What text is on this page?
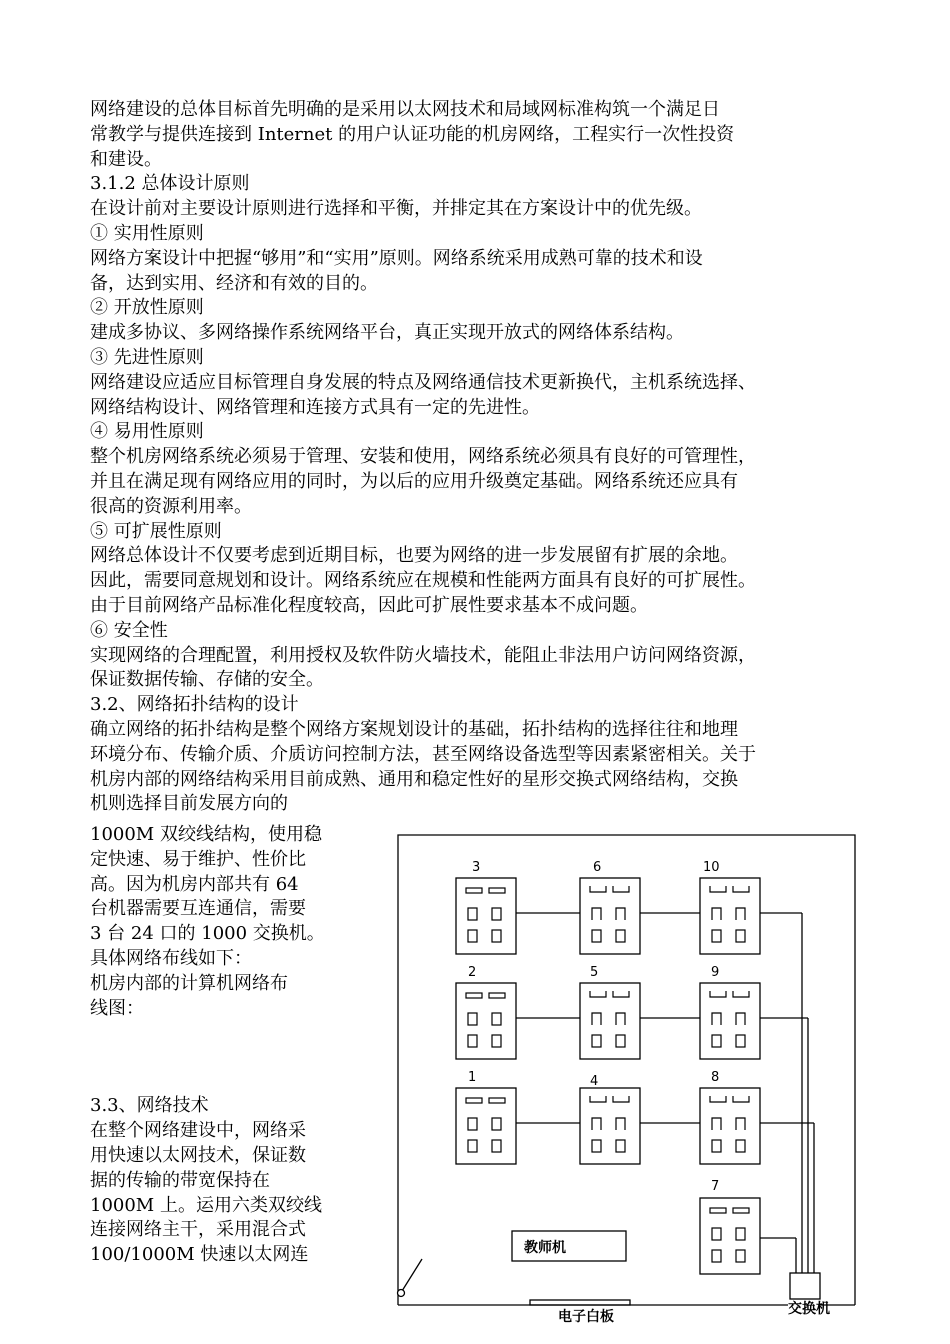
网络建设的总体目标首先明确的是采用以太网技术和局域网标准构筑一个满足日

常教学与提供连接到 Internet 的用户认证功能的机房网络，工程实行一次性投资

和建设。

3.1.2 总体设计原则

在设计前对主要设计原则进行选择和平衡，并排定其在方案设计中的优先级。

① 实用性原则

网络方案设计中把握“够用”和“实用”原则。网络系统采用成熟可靠的技术和设

备，达到实用、经济和有效的目的。

② 开放性原则

建成多协议、多网络操作系统网络平台，真正实现开放式的网络体系结构。

③ 先进性原则

网络建设应适应目标管理自身发展的特点及网络通信技术更新换代，主机系统选择、

网络结构设计、网络管理和连接方式具有一定的先进性。

④ 易用性原则

整个机房网络系统必须易于管理、安装和使用，网络系统必须具有良好的可管理性，

并且在满足现有网络应用的同时，为以后的应用升级奠定基础。网络系统还应具有

很高的资源利用率。

⑤ 可扩展性原则

网络总体设计不仅要考虑到近期目标，也要为网络的进一步发展留有扩展的余地。

因此，需要同意规划和设计。网络系统应在规模和性能两方面具有良好的可扩展性。

由于目前网络产品标准化程度较高，因此可扩展性要求基本不成问题。

⑥ 安全性

实现网络的合理配置，利用授权及软件防火墙技术，能阻止非法用户访问网络资源，

保证数据传输、存储的安全。

3.2、网络拓扑结构的设计

确立网络的拓扑结构是整个网络方案规划设计的基础，拓扑结构的选择往往和地理

环境分布、传输介质、介质访问控制方法，甚至网络设备选型等因素紧密相关。关于

机房内部的网络结构采用目前成熟、通用和稳定性好的星形交换式网络结构，交换

机则选择目前发展方向的

1000M 双绞线结构，使用稳

定快速、易于维护、性价比

高。因为机房内部共有 64

台机器需要互连通信，需要

3 台 24 口的 1000 交换机。

具体网络布线如下：

机房内部的计算机网络布

线图：

3.3、网络技术

在整个网络建设中，网络采

用快速以太网技术，保证数

据的传输的带宽保持在

1000M 上。运用六类双绞线

连接网络主干，采用混合式

100/1000M 快速以太网连

3	6	10
2	5	9
1	4	8
7
教师机
电子白板	交换机
